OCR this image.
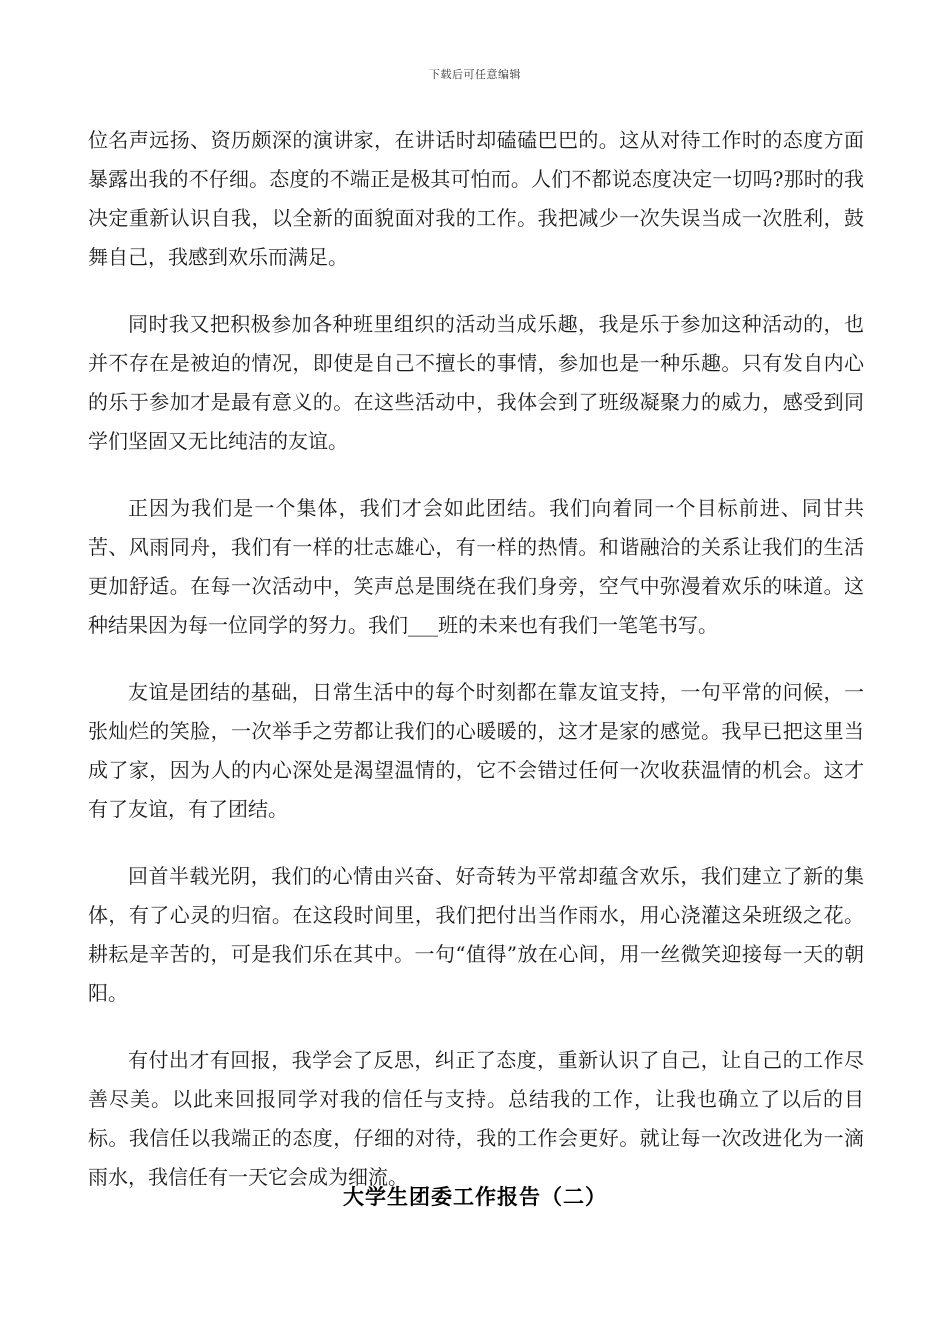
下载后可任意编辑

位名声远扬、资历颇深的演讲家，在讲话时却磕磕巴巴的。这从对待工作时的态度方面暴露出我的不仔细。态度的不端正是极其可怕而。人们不都说态度决定一切吗?那时的我决定重新认识自我，以全新的面貌面对我的工作。我把减少一次失误当成一次胜利，鼓舞自己，我感到欢乐而满足。

同时我又把积极参加各种班里组织的活动当成乐趣，我是乐于参加这种活动的，也并不存在是被迫的情况，即使是自己不擅长的事情，参加也是一种乐趣。只有发自内心的乐于参加才是最有意义的。在这些活动中，我体会到了班级凝聚力的威力，感受到同学们坚固又无比纯洁的友谊。

正因为我们是一个集体，我们才会如此团结。我们向着同一个目标前进、同甘共苦、风雨同舟，我们有一样的壮志雄心，有一样的热情。和谐融洽的关系让我们的生活更加舒适。在每一次活动中，笑声总是围绕在我们身旁，空气中弥漫着欢乐的味道。这种结果因为每一位同学的努力。我们___班的未来也有我们一笔笔书写。

友谊是团结的基础，日常生活中的每个时刻都在靠友谊支持，一句平常的问候，一张灿烂的笑脸，一次举手之劳都让我们的心暖暖的，这才是家的感觉。我早已把这里当成了家，因为人的内心深处是渴望温情的，它不会错过任何一次收获温情的机会。这才有了友谊，有了团结。

回首半载光阴，我们的心情由兴奋、好奇转为平常却蕴含欢乐，我们建立了新的集体，有了心灵的归宿。在这段时间里，我们把付出当作雨水，用心浇灌这朵班级之花。耕耘是辛苦的，可是我们乐在其中。一句“值得”放在心间，用一丝微笑迎接每一天的朝阳。

有付出才有回报，我学会了反思，纠正了态度，重新认识了自己，让自己的工作尽善尽美。以此来回报同学对我的信任与支持。总结我的工作，让我也确立了以后的目标。我信任以我端正的态度，仔细的对待，我的工作会更好。就让每一次改进化为一滴雨水，我信任有一天它会成为细流。

大学生团委工作报告（二）
